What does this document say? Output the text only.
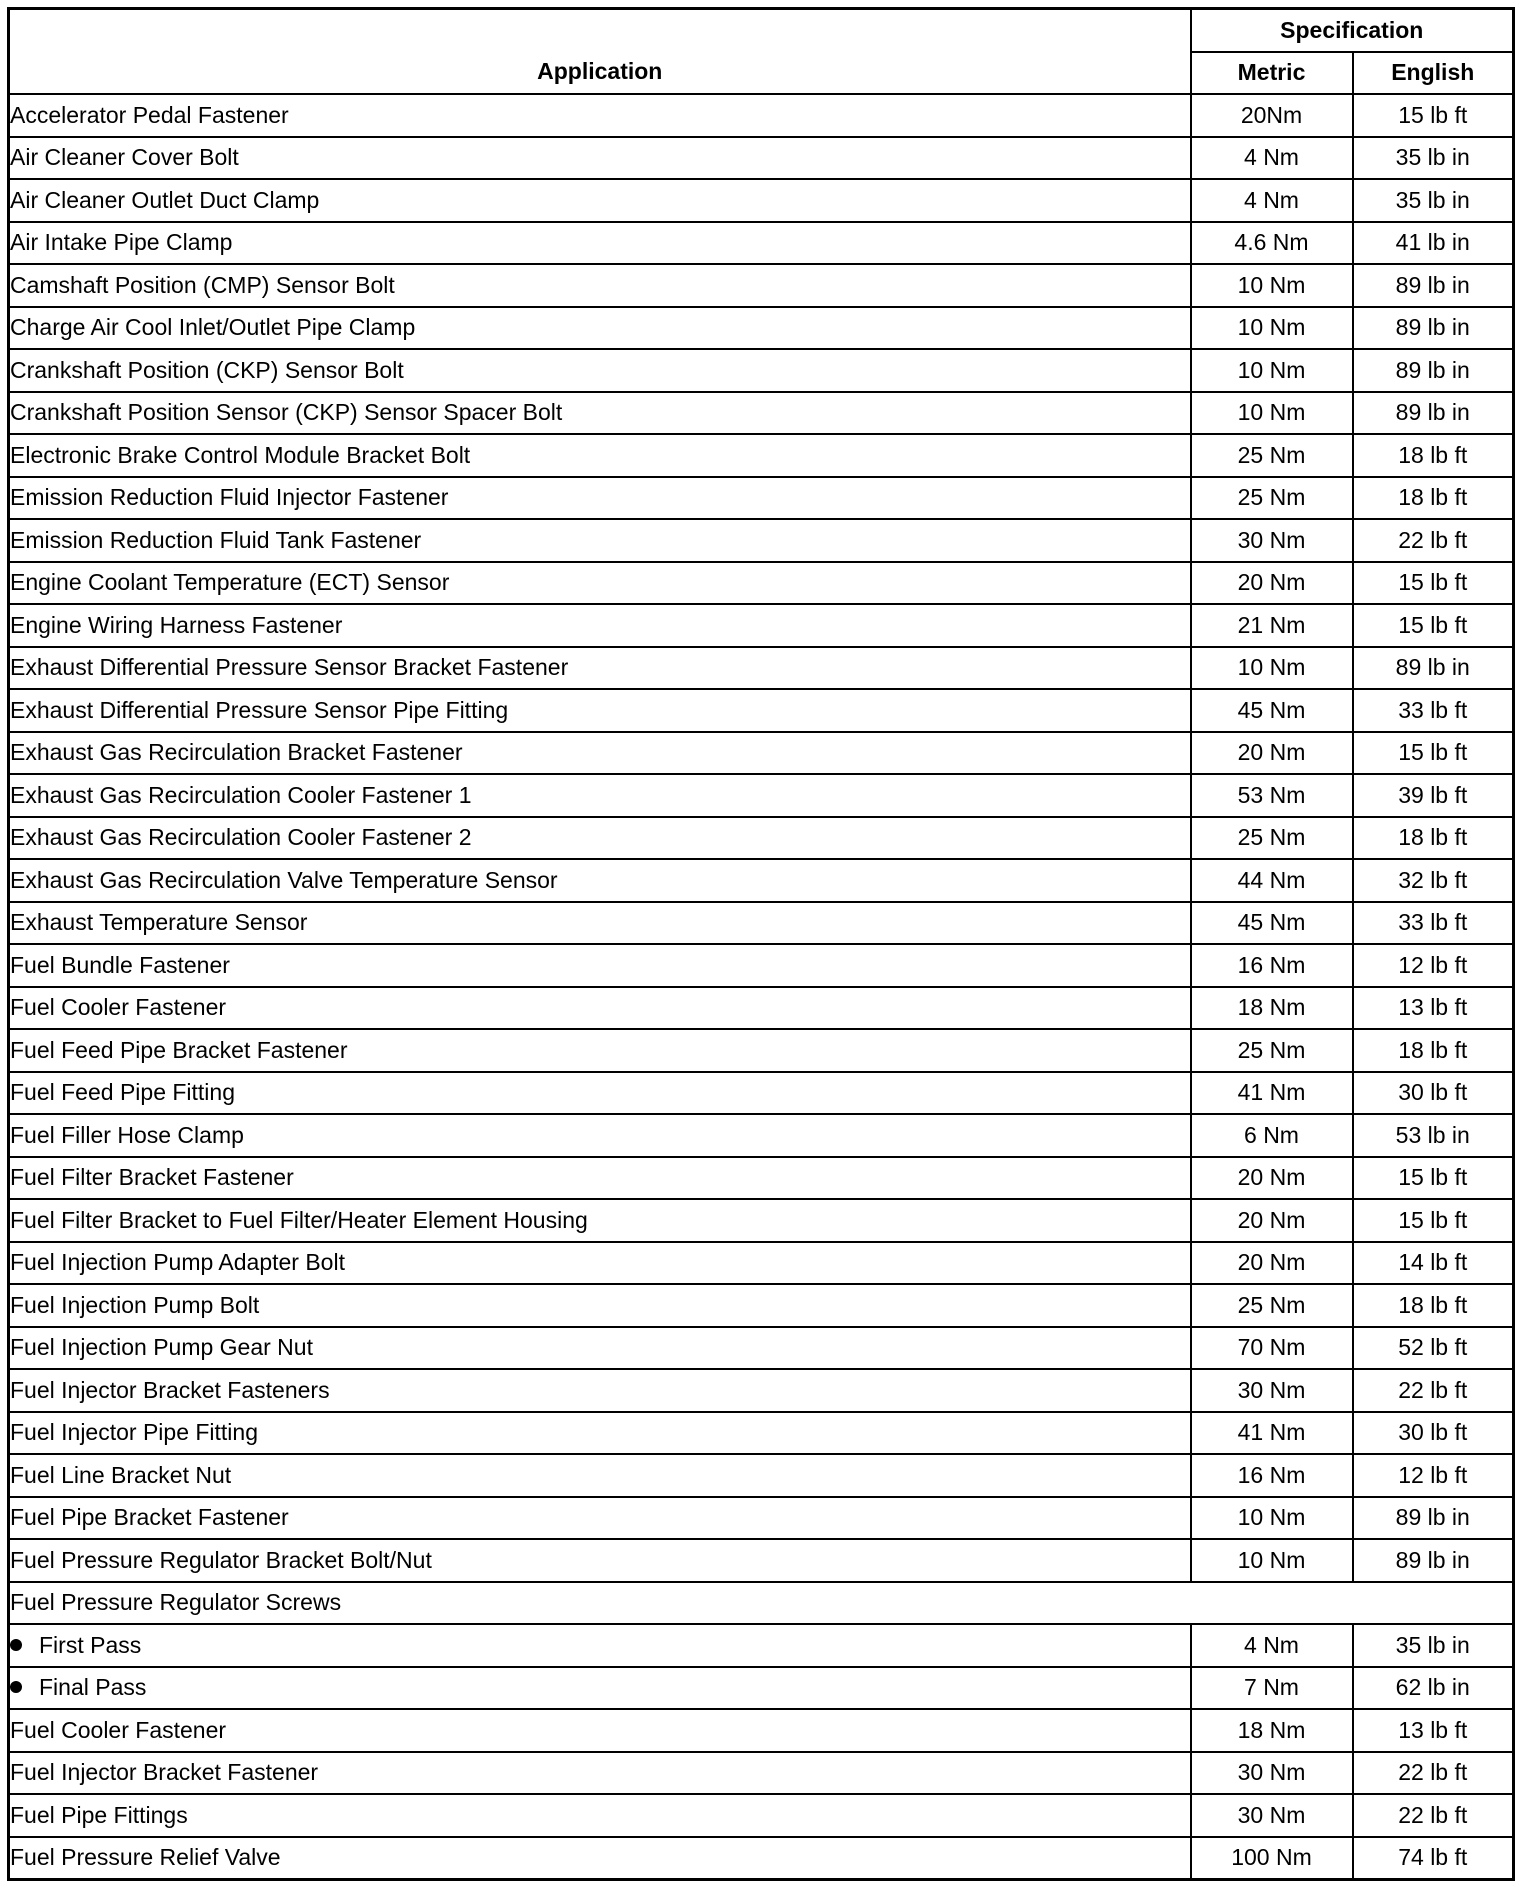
Application	Specification	
	Metric	English
Accelerator Pedal Fastener	20Nm	15 lb ft
Air Cleaner Cover Bolt	4 Nm	35 lb in
Air Cleaner Outlet Duct Clamp	4 Nm	35 lb in
Air Intake Pipe Clamp	4.6 Nm	41 lb in
Camshaft Position (CMP) Sensor Bolt	10 Nm	89 lb in
Charge Air Cool Inlet/Outlet Pipe Clamp	10 Nm	89 lb in
Crankshaft Position (CKP) Sensor Bolt	10 Nm	89 lb in
Crankshaft Position Sensor (CKP) Sensor Spacer Bolt	10 Nm	89 lb in
Electronic Brake Control Module Bracket Bolt	25 Nm	18 lb ft
Emission Reduction Fluid Injector Fastener	25 Nm	18 lb ft
Emission Reduction Fluid Tank Fastener	30 Nm	22 lb ft
Engine Coolant Temperature (ECT) Sensor	20 Nm	15 lb ft
Engine Wiring Harness Fastener	21 Nm	15 lb ft
Exhaust Differential Pressure Sensor Bracket Fastener	10 Nm	89 lb in
Exhaust Differential Pressure Sensor Pipe Fitting	45 Nm	33 lb ft
Exhaust Gas Recirculation Bracket Fastener	20 Nm	15 lb ft
Exhaust Gas Recirculation Cooler Fastener 1	53 Nm	39 lb ft
Exhaust Gas Recirculation Cooler Fastener 2	25 Nm	18 lb ft
Exhaust Gas Recirculation Valve Temperature Sensor	44 Nm	32 lb ft
Exhaust Temperature Sensor	45 Nm	33 lb ft
Fuel Bundle Fastener	16 Nm	12 lb ft
Fuel Cooler Fastener	18 Nm	13 lb ft
Fuel Feed Pipe Bracket Fastener	25 Nm	18 lb ft
Fuel Feed Pipe Fitting	41 Nm	30 lb ft
Fuel Filler Hose Clamp	6 Nm	53 lb in
Fuel Filter Bracket Fastener	20 Nm	15 lb ft
Fuel Filter Bracket to Fuel Filter/Heater Element Housing	20 Nm	15 lb ft
Fuel Injection Pump Adapter Bolt	20 Nm	14 lb ft
Fuel Injection Pump Bolt	25 Nm	18 lb ft
Fuel Injection Pump Gear Nut	70 Nm	52 lb ft
Fuel Injector Bracket Fasteners	30 Nm	22 lb ft
Fuel Injector Pipe Fitting	41 Nm	30 lb ft
Fuel Line Bracket Nut	16 Nm	12 lb ft
Fuel Pipe Bracket Fastener	10 Nm	89 lb in
Fuel Pressure Regulator Bracket Bolt/Nut	10 Nm	89 lb in
Fuel Pressure Regulator Screws		
First Pass	4 Nm	35 lb in
Final Pass	7 Nm	62 lb in
Fuel Cooler Fastener	18 Nm	13 lb ft
Fuel Injector Bracket Fastener	30 Nm	22 lb ft
Fuel Pipe Fittings	30 Nm	22 lb ft
Fuel Pressure Relief Valve	100 Nm	74 lb ft
